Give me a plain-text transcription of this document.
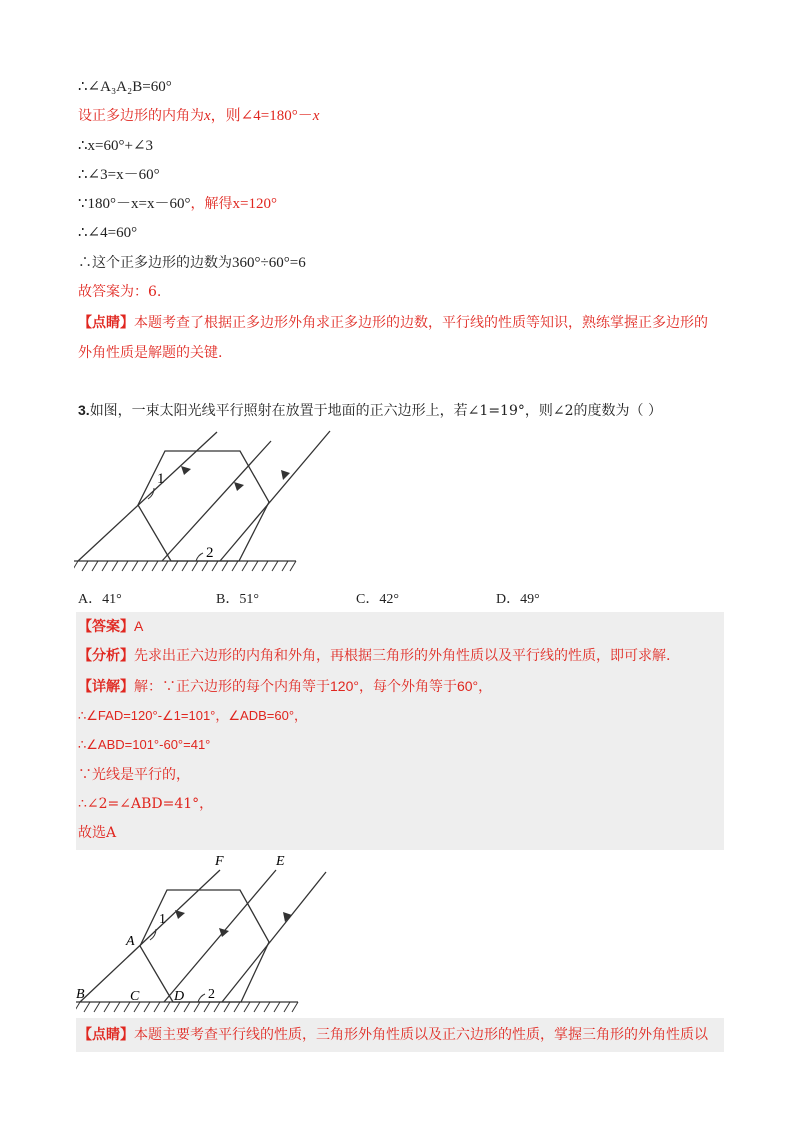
∴∠A₃A₂B=60°
设正多边形的内角为x，则∠4=180°－x
∴x=60°+∠3
∴∠3=x－60°
∵180°－x=x－60°，解得x=120°
∴∠4=60°
∴这个正多边形的边数为360°÷60°=6
故答案为：6.
【点睛】本题考查了根据正多边形外角求正多边形的边数，平行线的性质等知识，熟练掌握正多边形的
外角性质是解题的关键.
3.如图，一束太阳光线平行照射在放置于地面的正六边形上，若∠1=19°，则∠2的度数为（ ）
1
2
A．41°	B．51°	C．42°	D．49°
【答案】A
【分析】先求出正六边形的内角和外角，再根据三角形的外角性质以及平行线的性质，即可求解.
【详解】解：∵正六边形的每个内角等于120°，每个外角等于60°，
∴∠FAD=120°-∠1=101°，∠ADB=60°，
∴∠ABD=101°-60°=41°
∵光线是平行的，
∴∠2=∠ABD=41°，
故选A
F	E
A
B	C D
1
2
【点睛】本题主要考查平行线的性质，三角形外角性质以及正六边形的性质，掌握三角形的外角性质以
